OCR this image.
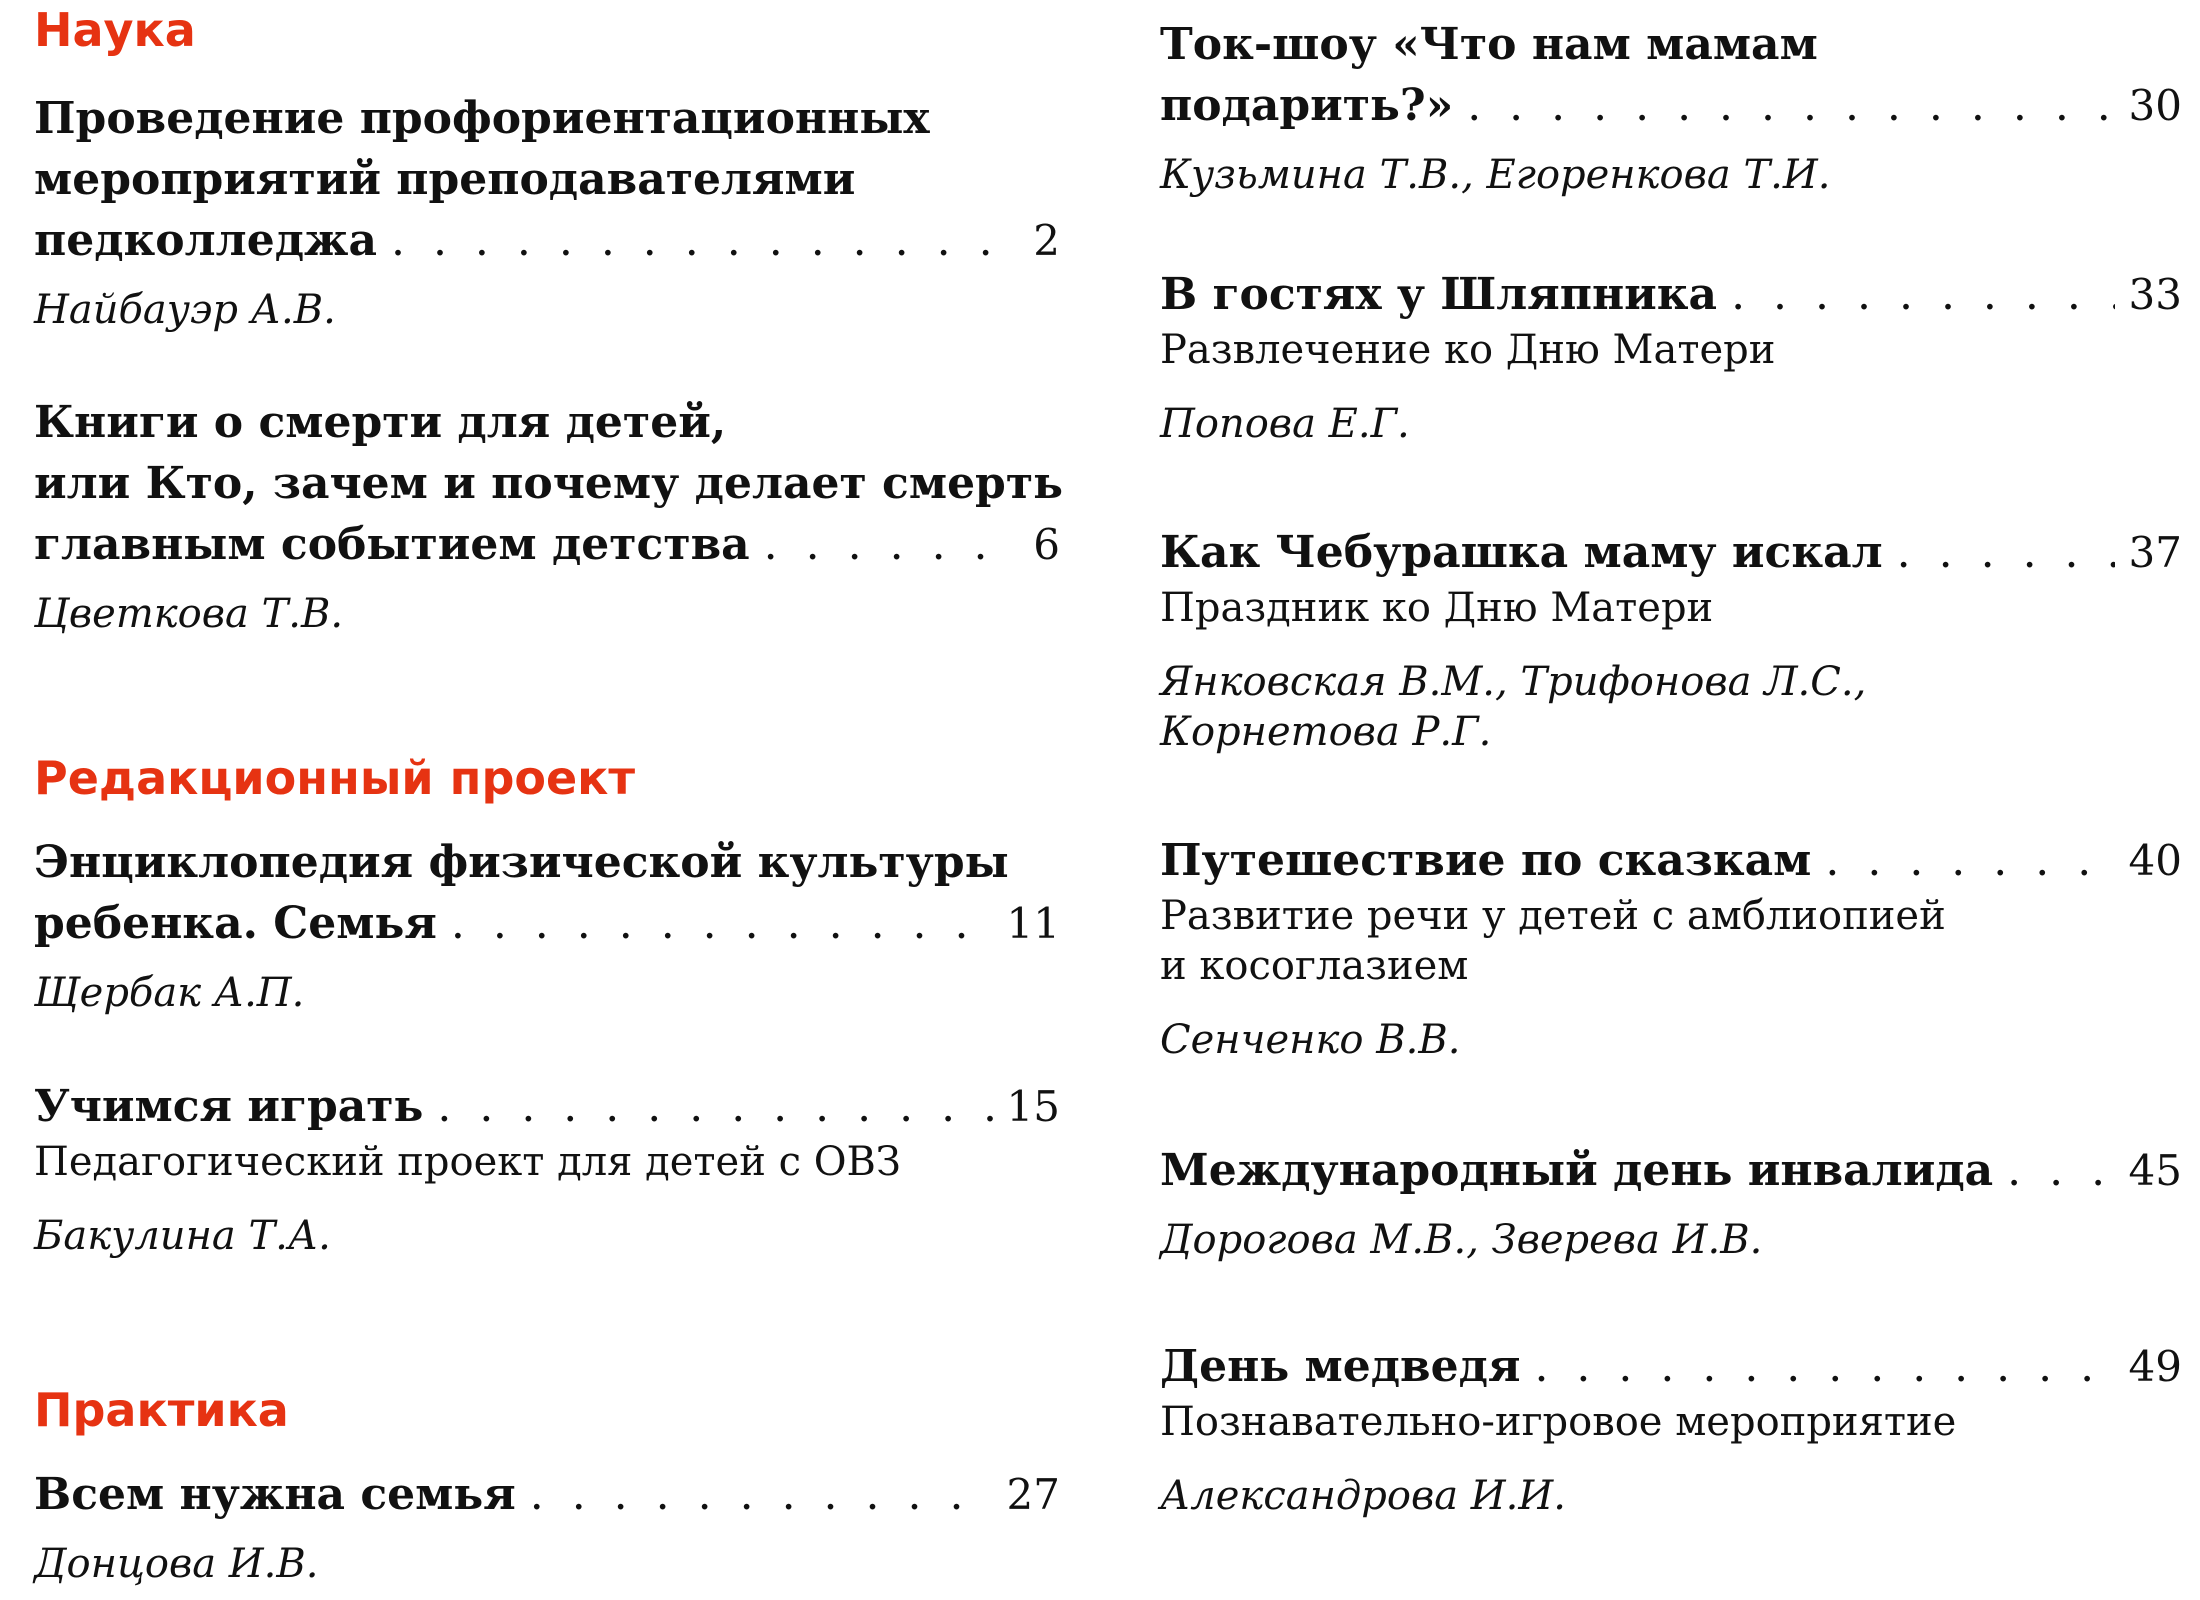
Наука
Проведение профориентационных
мероприятий преподавателями
педколледжа . . .	2
Найбауэр А.В.
Книги о смерти для детей,
или Кто, зачем и почему делает смерть
главным событием детства . . .	6
Цветкова Т.В.
Редакционный проект
Энциклопедия физической культуры
ребенка. Семья . . .	11
Щербак А.П.
Учимся играть . . .	15
Педагогический проект для детей с ОВЗ
Бакулина Т.А.
Практика
Всем нужна семья . . .	27
Донцова И.В.
Ток-шоу «Что нам мамам
подарить?» . . .	30
Кузьмина Т.В., Егоренкова Т.И.
В гостях у Шляпника . . .	33
Развлечение ко Дню Матери
Попова Е.Г.
Как Чебурашка маму искал . . .	37
Праздник ко Дню Матери
Янковская В.М., Трифонова Л.С.,
Корнетова Р.Г.
Путешествие по сказкам . . .	40
Развитие речи у детей с амблиопией
и косоглазием
Сенченко В.В.
Международный день инвалида . . .	45
Дорогова М.В., Зверева И.В.
День медведя . . .	49
Познавательно-игровое мероприятие
Александрова И.И.
